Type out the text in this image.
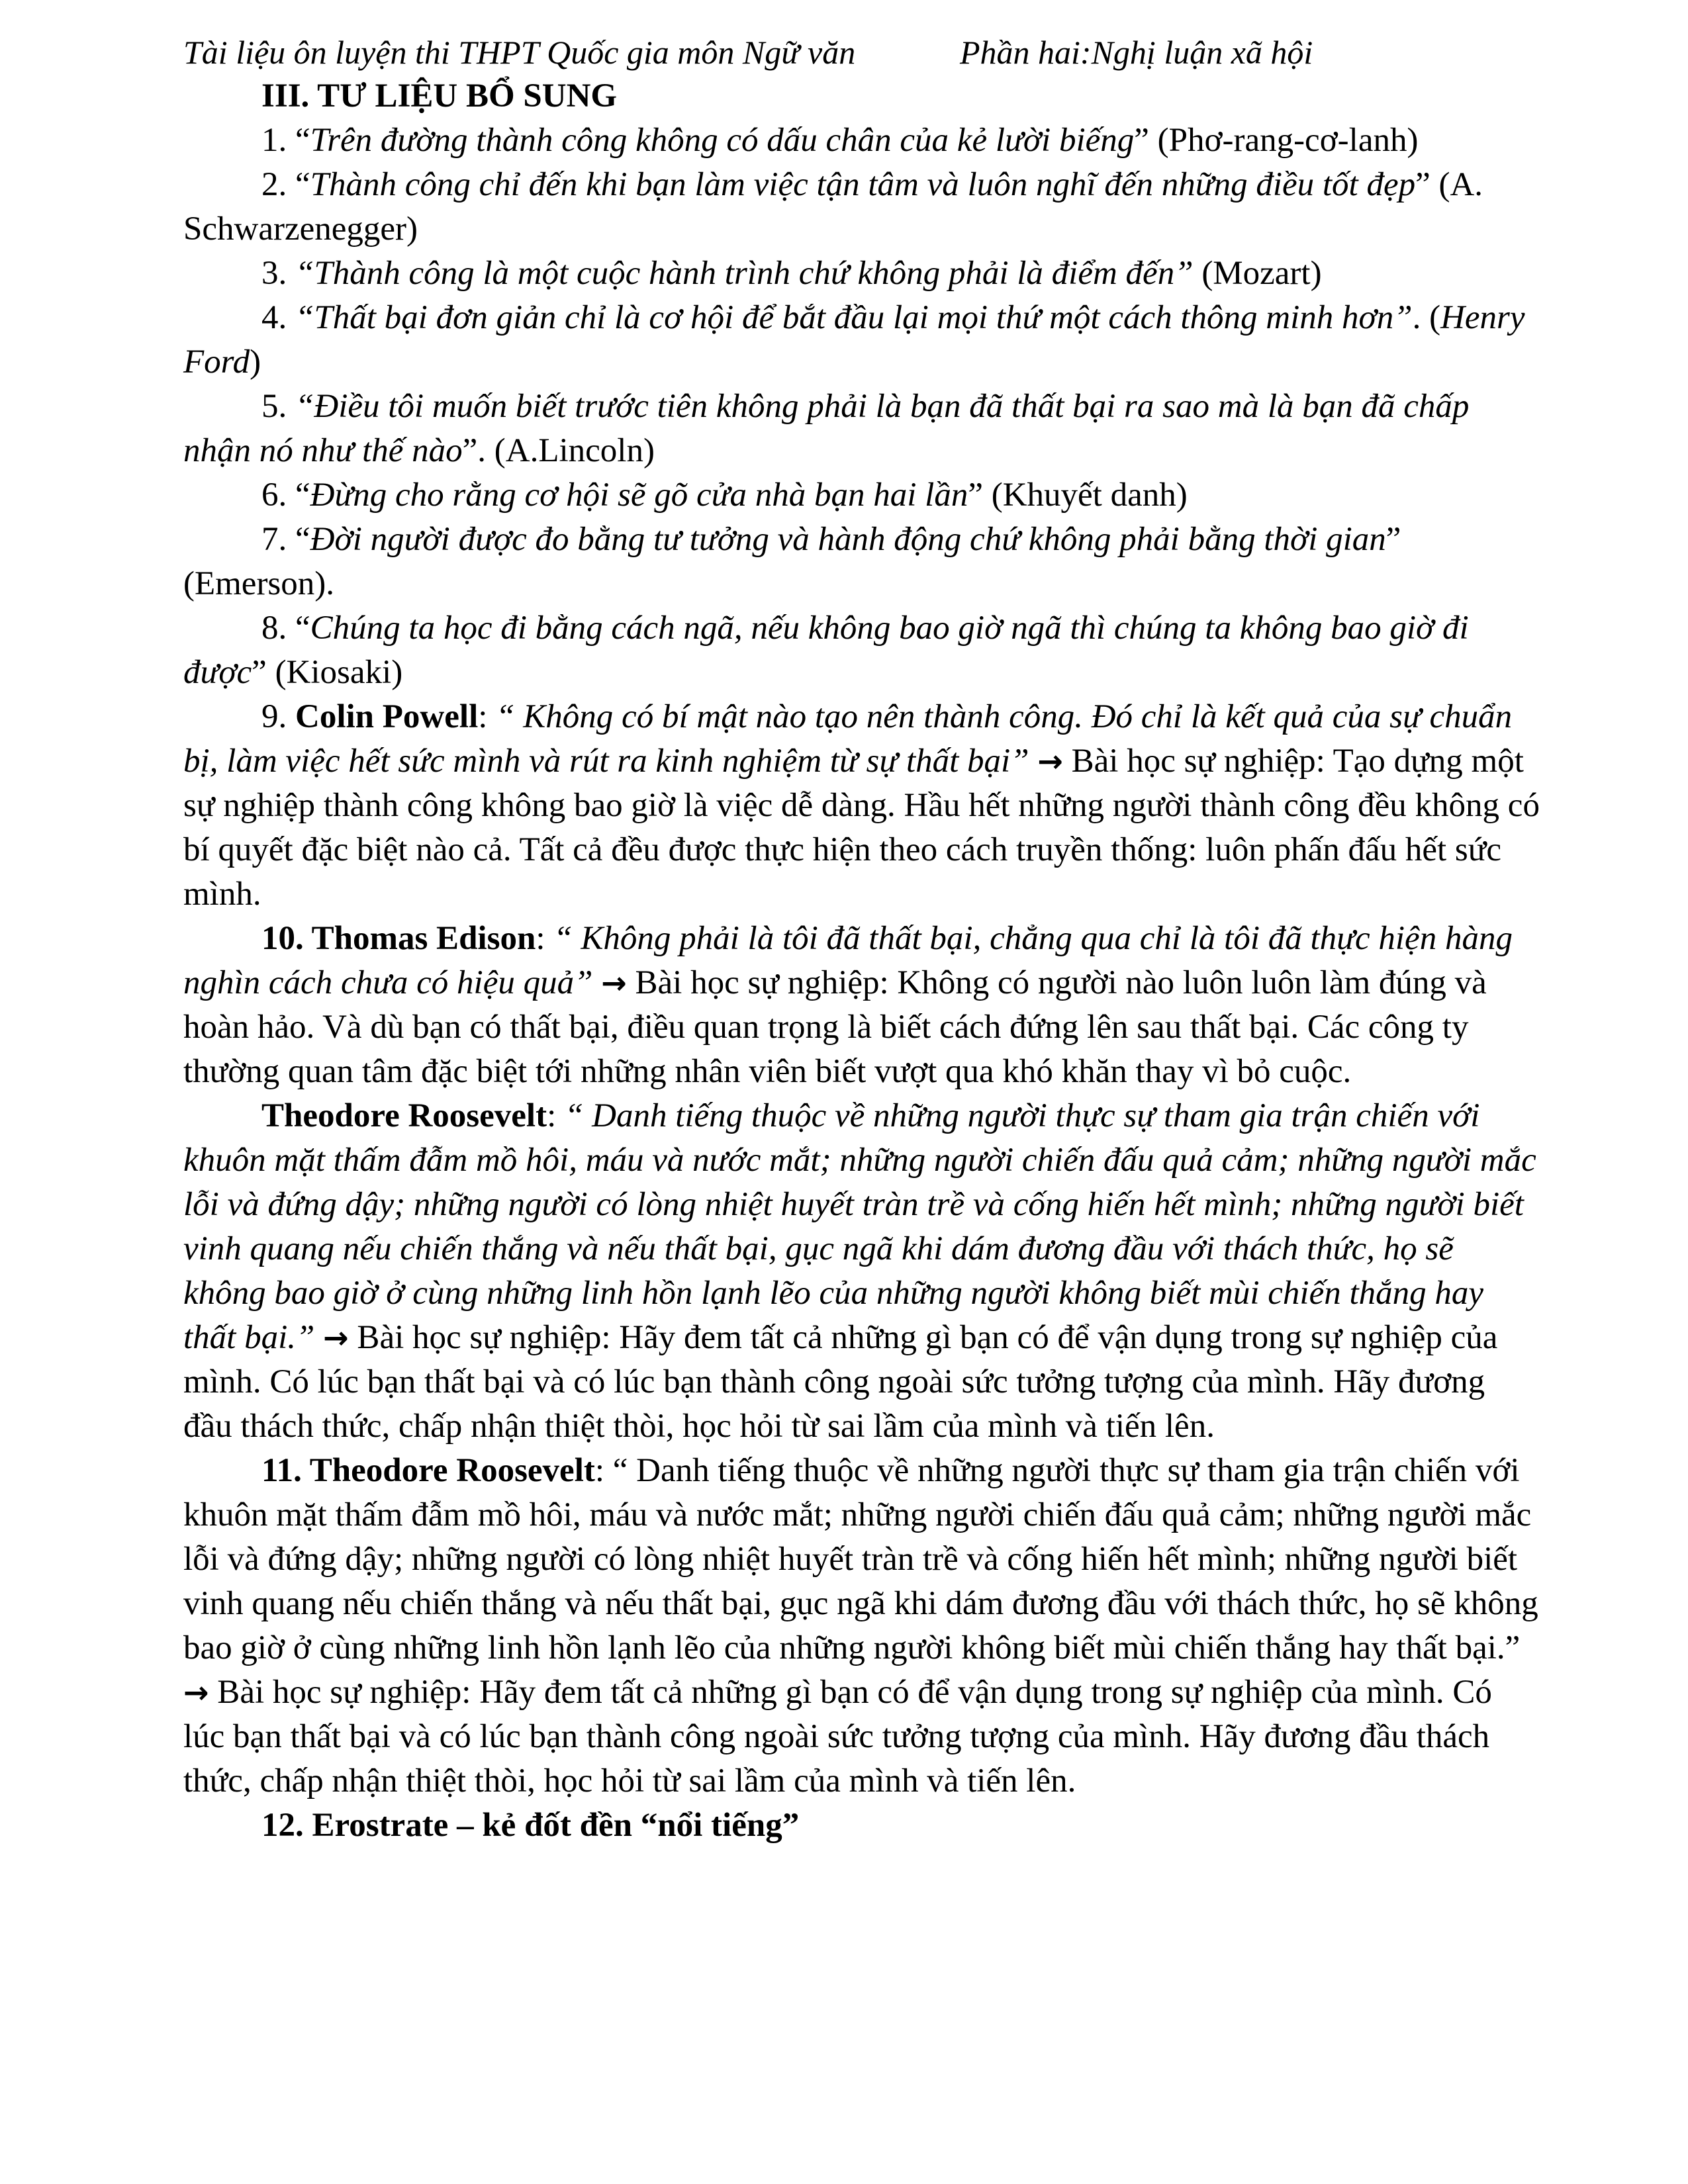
Tài liệu ôn luyện thi THPT Quốc gia môn Ngữ văn	Phần hai:Nghị luận xã hội

III. TƯ LIỆU BỔ SUNG

1. “Trên đường thành công không có dấu chân của kẻ lười biếng” (Phơ-rang-cơ-lanh)

2. “Thành công chỉ đến khi bạn làm việc tận tâm và luôn nghĩ đến những điều tốt đẹp” (A. Schwarzenegger)

3. “Thành công là một cuộc hành trình chứ không phải là điểm đến” (Mozart)

4. “Thất bại đơn giản chỉ là cơ hội để bắt đầu lại mọi thứ một cách thông minh hơn”. (Henry Ford)

5. “Điều tôi muốn biết trước tiên không phải là bạn đã thất bại ra sao mà là bạn đã chấp nhận nó như thế nào”. (A.Lincoln)

6. “Đừng cho rằng cơ hội sẽ gõ cửa nhà bạn hai lần” (Khuyết danh)

7. “Đời người được đo bằng tư tưởng và hành động chứ không phải bằng thời gian” (Emerson).

8. “Chúng ta học đi bằng cách ngã, nếu không bao giờ ngã thì chúng ta không bao giờ đi được” (Kiosaki)

9. Colin Powell: “ Không có bí mật nào tạo nên thành công. Đó chỉ là kết quả của sự chuẩn bị, làm việc hết sức mình và rút ra kinh nghiệm từ sự thất bại” → Bài học sự nghiệp: Tạo dựng một sự nghiệp thành công không bao giờ là việc dễ dàng. Hầu hết những người thành công đều không có bí quyết đặc biệt nào cả. Tất cả đều được thực hiện theo cách truyền thống: luôn phấn đấu hết sức mình.

10. Thomas Edison: “ Không phải là tôi đã thất bại, chẳng qua chỉ là tôi đã thực hiện hàng nghìn cách chưa có hiệu quả” → Bài học sự nghiệp: Không có người nào luôn luôn làm đúng và hoàn hảo. Và dù bạn có thất bại, điều quan trọng là biết cách đứng lên sau thất bại. Các công ty thường quan tâm đặc biệt tới những nhân viên biết vượt qua khó khăn thay vì bỏ cuộc.

Theodore Roosevelt: “ Danh tiếng thuộc về những người thực sự tham gia trận chiến với khuôn mặt thấm đẫm mồ hôi, máu và nước mắt; những người chiến đấu quả cảm; những người mắc lỗi và đứng dậy; những người có lòng nhiệt huyết tràn trề và cống hiến hết mình; những người biết vinh quang nếu chiến thắng và nếu thất bại, gục ngã khi dám đương đầu với thách thức, họ sẽ không bao giờ ở cùng những linh hồn lạnh lẽo của những người không biết mùi chiến thắng hay thất bại.” → Bài học sự nghiệp: Hãy đem tất cả những gì bạn có để vận dụng trong sự nghiệp của mình. Có lúc bạn thất bại và có lúc bạn thành công ngoài sức tưởng tượng của mình. Hãy đương đầu thách thức, chấp nhận thiệt thòi, học hỏi từ sai lầm của mình và tiến lên.

11. Theodore Roosevelt: “ Danh tiếng thuộc về những người thực sự tham gia trận chiến với khuôn mặt thấm đẫm mồ hôi, máu và nước mắt; những người chiến đấu quả cảm; những người mắc lỗi và đứng dậy; những người có lòng nhiệt huyết tràn trề và cống hiến hết mình; những người biết vinh quang nếu chiến thắng và nếu thất bại, gục ngã khi dám đương đầu với thách thức, họ sẽ không bao giờ ở cùng những linh hồn lạnh lẽo của những người không biết mùi chiến thắng hay thất bại.” → Bài học sự nghiệp: Hãy đem tất cả những gì bạn có để vận dụng trong sự nghiệp của mình. Có lúc bạn thất bại và có lúc bạn thành công ngoài sức tưởng tượng của mình. Hãy đương đầu thách thức, chấp nhận thiệt thòi, học hỏi từ sai lầm của mình và tiến lên.

12. Erostrate – kẻ đốt đền “nổi tiếng”
